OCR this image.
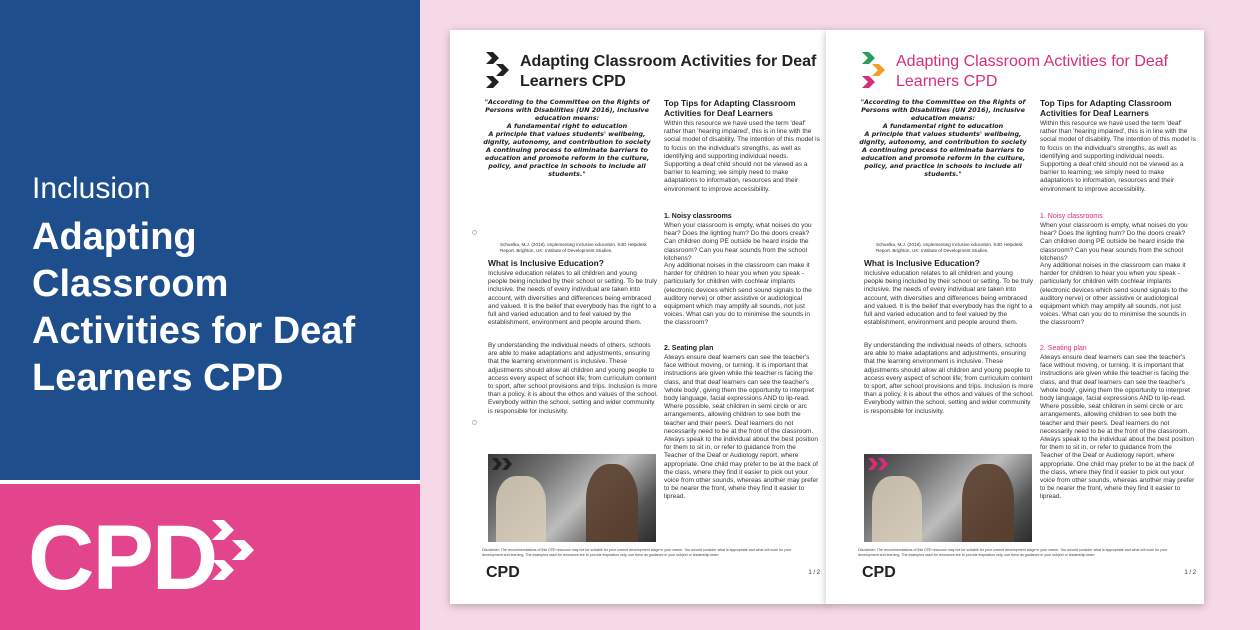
Inclusion
Adapting Classroom Activities for Deaf Learners CPD
CPD
Adapting Classroom Activities for Deaf Learners CPD
"According to the Committee on the Rights of Persons with Disabilities (UN 2016), inclusive education means:
A fundamental right to education
A principle that values students' wellbeing, dignity, autonomy, and contribution to society
A continuing process to eliminate barriers to education and promote reform in the culture, policy, and practice in schools to include all students."
Schuelka, M.J. (2018). Implementing inclusive education. K4D Helpdesk Report. Brighton, UK: Institute of Development Studies.
What is Inclusive Education?
Inclusive education relates to all children and young people being included by their school or setting. To be truly inclusive, the needs of every individual are taken into account, with diversities and differences being embraced and valued. It is the belief that everybody has the right to a full and varied education and to feel valued by the establishment, environment and people around them.
By understanding the individual needs of others, schools are able to make adaptations and adjustments, ensuring that the learning environment is inclusive. These adjustments should allow all children and young people to access every aspect of school life; from curriculum content to sport, after school provisions and trips. Inclusion is more than a policy, it is about the ethos and values of the school. Everybody within the school, setting and wider community is responsible for inclusivity.
Top Tips for Adapting Classroom Activities for Deaf Learners
Within this resource we have used the term 'deaf' rather than 'hearing impaired', this is in line with the social model of disability. The intention of this model is to focus on the individual's strengths, as well as identifying and supporting individual needs. Supporting a deaf child should not be viewed as a barrier to learning; we simply need to make adaptations to information, resources and their environment to improve accessibility.
1. Noisy classrooms
When your classroom is empty, what noises do you hear? Does the lighting hum? Do the doors creak? Can children doing PE outside be heard inside the classroom? Can you hear sounds from the school kitchens?
Any additional noises in the classroom can make it harder for children to hear you when you speak - particularly for children with cochlear implants (electronic devices which send sound signals to the auditory nerve) or other assistive or audiological equipment which may amplify all sounds, not just voices. What can you do to minimise the sounds in the classroom?
2. Seating plan
Always ensure deaf learners can see the teacher's face without moving, or turning. It is important that instructions are given while the teacher is facing the class, and that deaf learners can see the teacher's 'whole body', giving them the opportunity to interpret body language, facial expressions AND to lip-read. Where possible, seat children in semi circle or arc arrangements, allowing children to see both the teacher and their peers. Deaf learners do not necessarily need to be at the front of the classroom. Always speak to the individual about the best position for them to sit in, or refer to guidance from the Teacher of the Deaf or Audiology report, where appropriate. One child may prefer to be at the back of the class, where they find it easier to pick out your voice from other sounds, whereas another may prefer to be nearer the front, where they find it easier to lipread.
Disclaimer: The recommendations of this CPD resource may not be suitable for your current development stage in your career. You should consider what is appropriate and what will work for your development and learning. The examples used for resources are to provide inspiration only, use them as guidance in your subject or leadership team.
CPD	1 / 2
Adapting Classroom Activities for Deaf Learners CPD
"According to the Committee on the Rights of Persons with Disabilities (UN 2016), inclusive education means:
A fundamental right to education
A principle that values students' wellbeing, dignity, autonomy, and contribution to society
A continuing process to eliminate barriers to education and promote reform in the culture, policy, and practice in schools to include all students."
Schuelka, M.J. (2018). Implementing inclusive education. K4D Helpdesk Report. Brighton, UK: Institute of Development Studies.
What is Inclusive Education?
Inclusive education relates to all children and young people being included by their school or setting. To be truly inclusive, the needs of every individual are taken into account, with diversities and differences being embraced and valued. It is the belief that everybody has the right to a full and varied education and to feel valued by the establishment, environment and people around them.
By understanding the individual needs of others, schools are able to make adaptations and adjustments, ensuring that the learning environment is inclusive. These adjustments should allow all children and young people to access every aspect of school life; from curriculum content to sport, after school provisions and trips. Inclusion is more than a policy, it is about the ethos and values of the school. Everybody within the school, setting and wider community is responsible for inclusivity.
Top Tips for Adapting Classroom Activities for Deaf Learners
Within this resource we have used the term 'deaf' rather than 'hearing impaired', this is in line with the social model of disability. The intention of this model is to focus on the individual's strengths, as well as identifying and supporting individual needs. Supporting a deaf child should not be viewed as a barrier to learning; we simply need to make adaptations to information, resources and their environment to improve accessibility.
1. Noisy classrooms
When your classroom is empty, what noises do you hear? Does the lighting hum? Do the doors creak? Can children doing PE outside be heard inside the classroom? Can you hear sounds from the school kitchens?
Any additional noises in the classroom can make it harder for children to hear you when you speak - particularly for children with cochlear implants (electronic devices which send sound signals to the auditory nerve) or other assistive or audiological equipment which may amplify all sounds, not just voices. What can you do to minimise the sounds in the classroom?
2. Seating plan
Always ensure deaf learners can see the teacher's face without moving, or turning. It is important that instructions are given while the teacher is facing the class, and that deaf learners can see the teacher's 'whole body', giving them the opportunity to interpret body language, facial expressions AND to lip-read. Where possible, seat children in semi circle or arc arrangements, allowing children to see both the teacher and their peers. Deaf learners do not necessarily need to be at the front of the classroom. Always speak to the individual about the best position for them to sit in, or refer to guidance from the Teacher of the Deaf or Audiology report, where appropriate. One child may prefer to be at the back of the class, where they find it easier to pick out your voice from other sounds, whereas another may prefer to be nearer the front, where they find it easier to lipread.
Disclaimer: The recommendations of this CPD resource may not be suitable for your current development stage in your career. You should consider what is appropriate and what will work for your development and learning. The examples used for resources are to provide inspiration only, use them as guidance in your subject or leadership team.
CPD	1 / 2
